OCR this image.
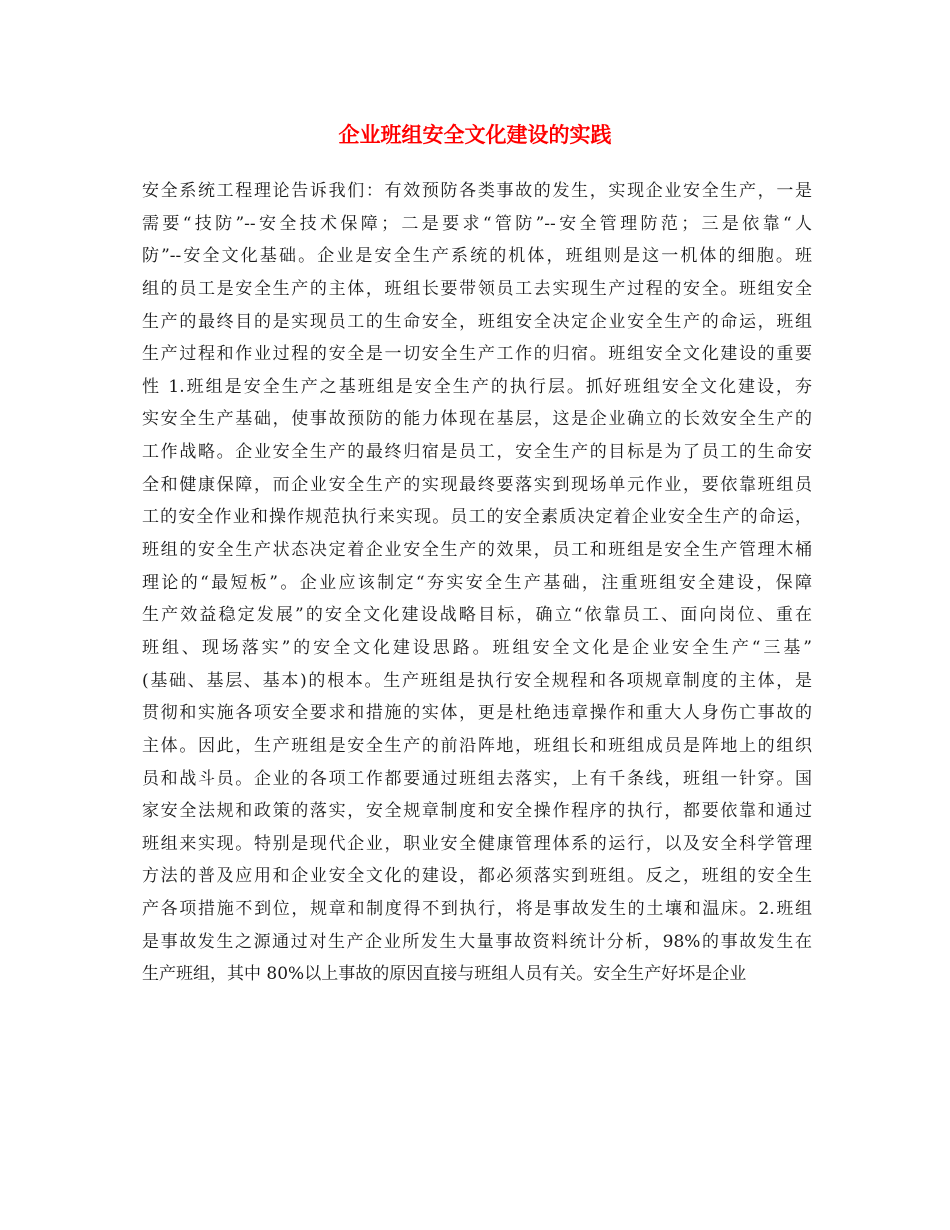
企业班组安全文化建设的实践
安全系统工程理论告诉我们：有效预防各类事故的发生，实现企业安全生产，一是
需要“技防”--安全技术保障；二是要求“管防”--安全管理防范；三是依靠“人
防”--安全文化基础。企业是安全生产系统的机体，班组则是这一机体的细胞。班
组的员工是安全生产的主体，班组长要带领员工去实现生产过程的安全。班组安全
生产的最终目的是实现员工的生命安全，班组安全决定企业安全生产的命运，班组
生产过程和作业过程的安全是一切安全生产工作的归宿。班组安全文化建设的重要
性 1.班组是安全生产之基班组是安全生产的执行层。抓好班组安全文化建设，夯
实安全生产基础，使事故预防的能力体现在基层，这是企业确立的长效安全生产的
工作战略。企业安全生产的最终归宿是员工，安全生产的目标是为了员工的生命安
全和健康保障，而企业安全生产的实现最终要落实到现场单元作业，要依靠班组员
工的安全作业和操作规范执行来实现。员工的安全素质决定着企业安全生产的命运，
班组的安全生产状态决定着企业安全生产的效果，员工和班组是安全生产管理木桶
理论的“最短板”。企业应该制定“夯实安全生产基础，注重班组安全建设，保障
生产效益稳定发展”的安全文化建设战略目标，确立“依靠员工、面向岗位、重在
班组、现场落实”的安全文化建设思路。班组安全文化是企业安全生产“三基”
(基础、基层、基本)的根本。生产班组是执行安全规程和各项规章制度的主体，是
贯彻和实施各项安全要求和措施的实体，更是杜绝违章操作和重大人身伤亡事故的
主体。因此，生产班组是安全生产的前沿阵地，班组长和班组成员是阵地上的组织
员和战斗员。企业的各项工作都要通过班组去落实，上有千条线，班组一针穿。国
家安全法规和政策的落实，安全规章制度和安全操作程序的执行，都要依靠和通过
班组来实现。特别是现代企业，职业安全健康管理体系的运行，以及安全科学管理
方法的普及应用和企业安全文化的建设，都必须落实到班组。反之，班组的安全生
产各项措施不到位，规章和制度得不到执行，将是事故发生的土壤和温床。2.班组
是事故发生之源通过对生产企业所发生大量事故资料统计分析，98%的事故发生在
生产班组，其中 80%以上事故的原因直接与班组人员有关。安全生产好坏是企业
